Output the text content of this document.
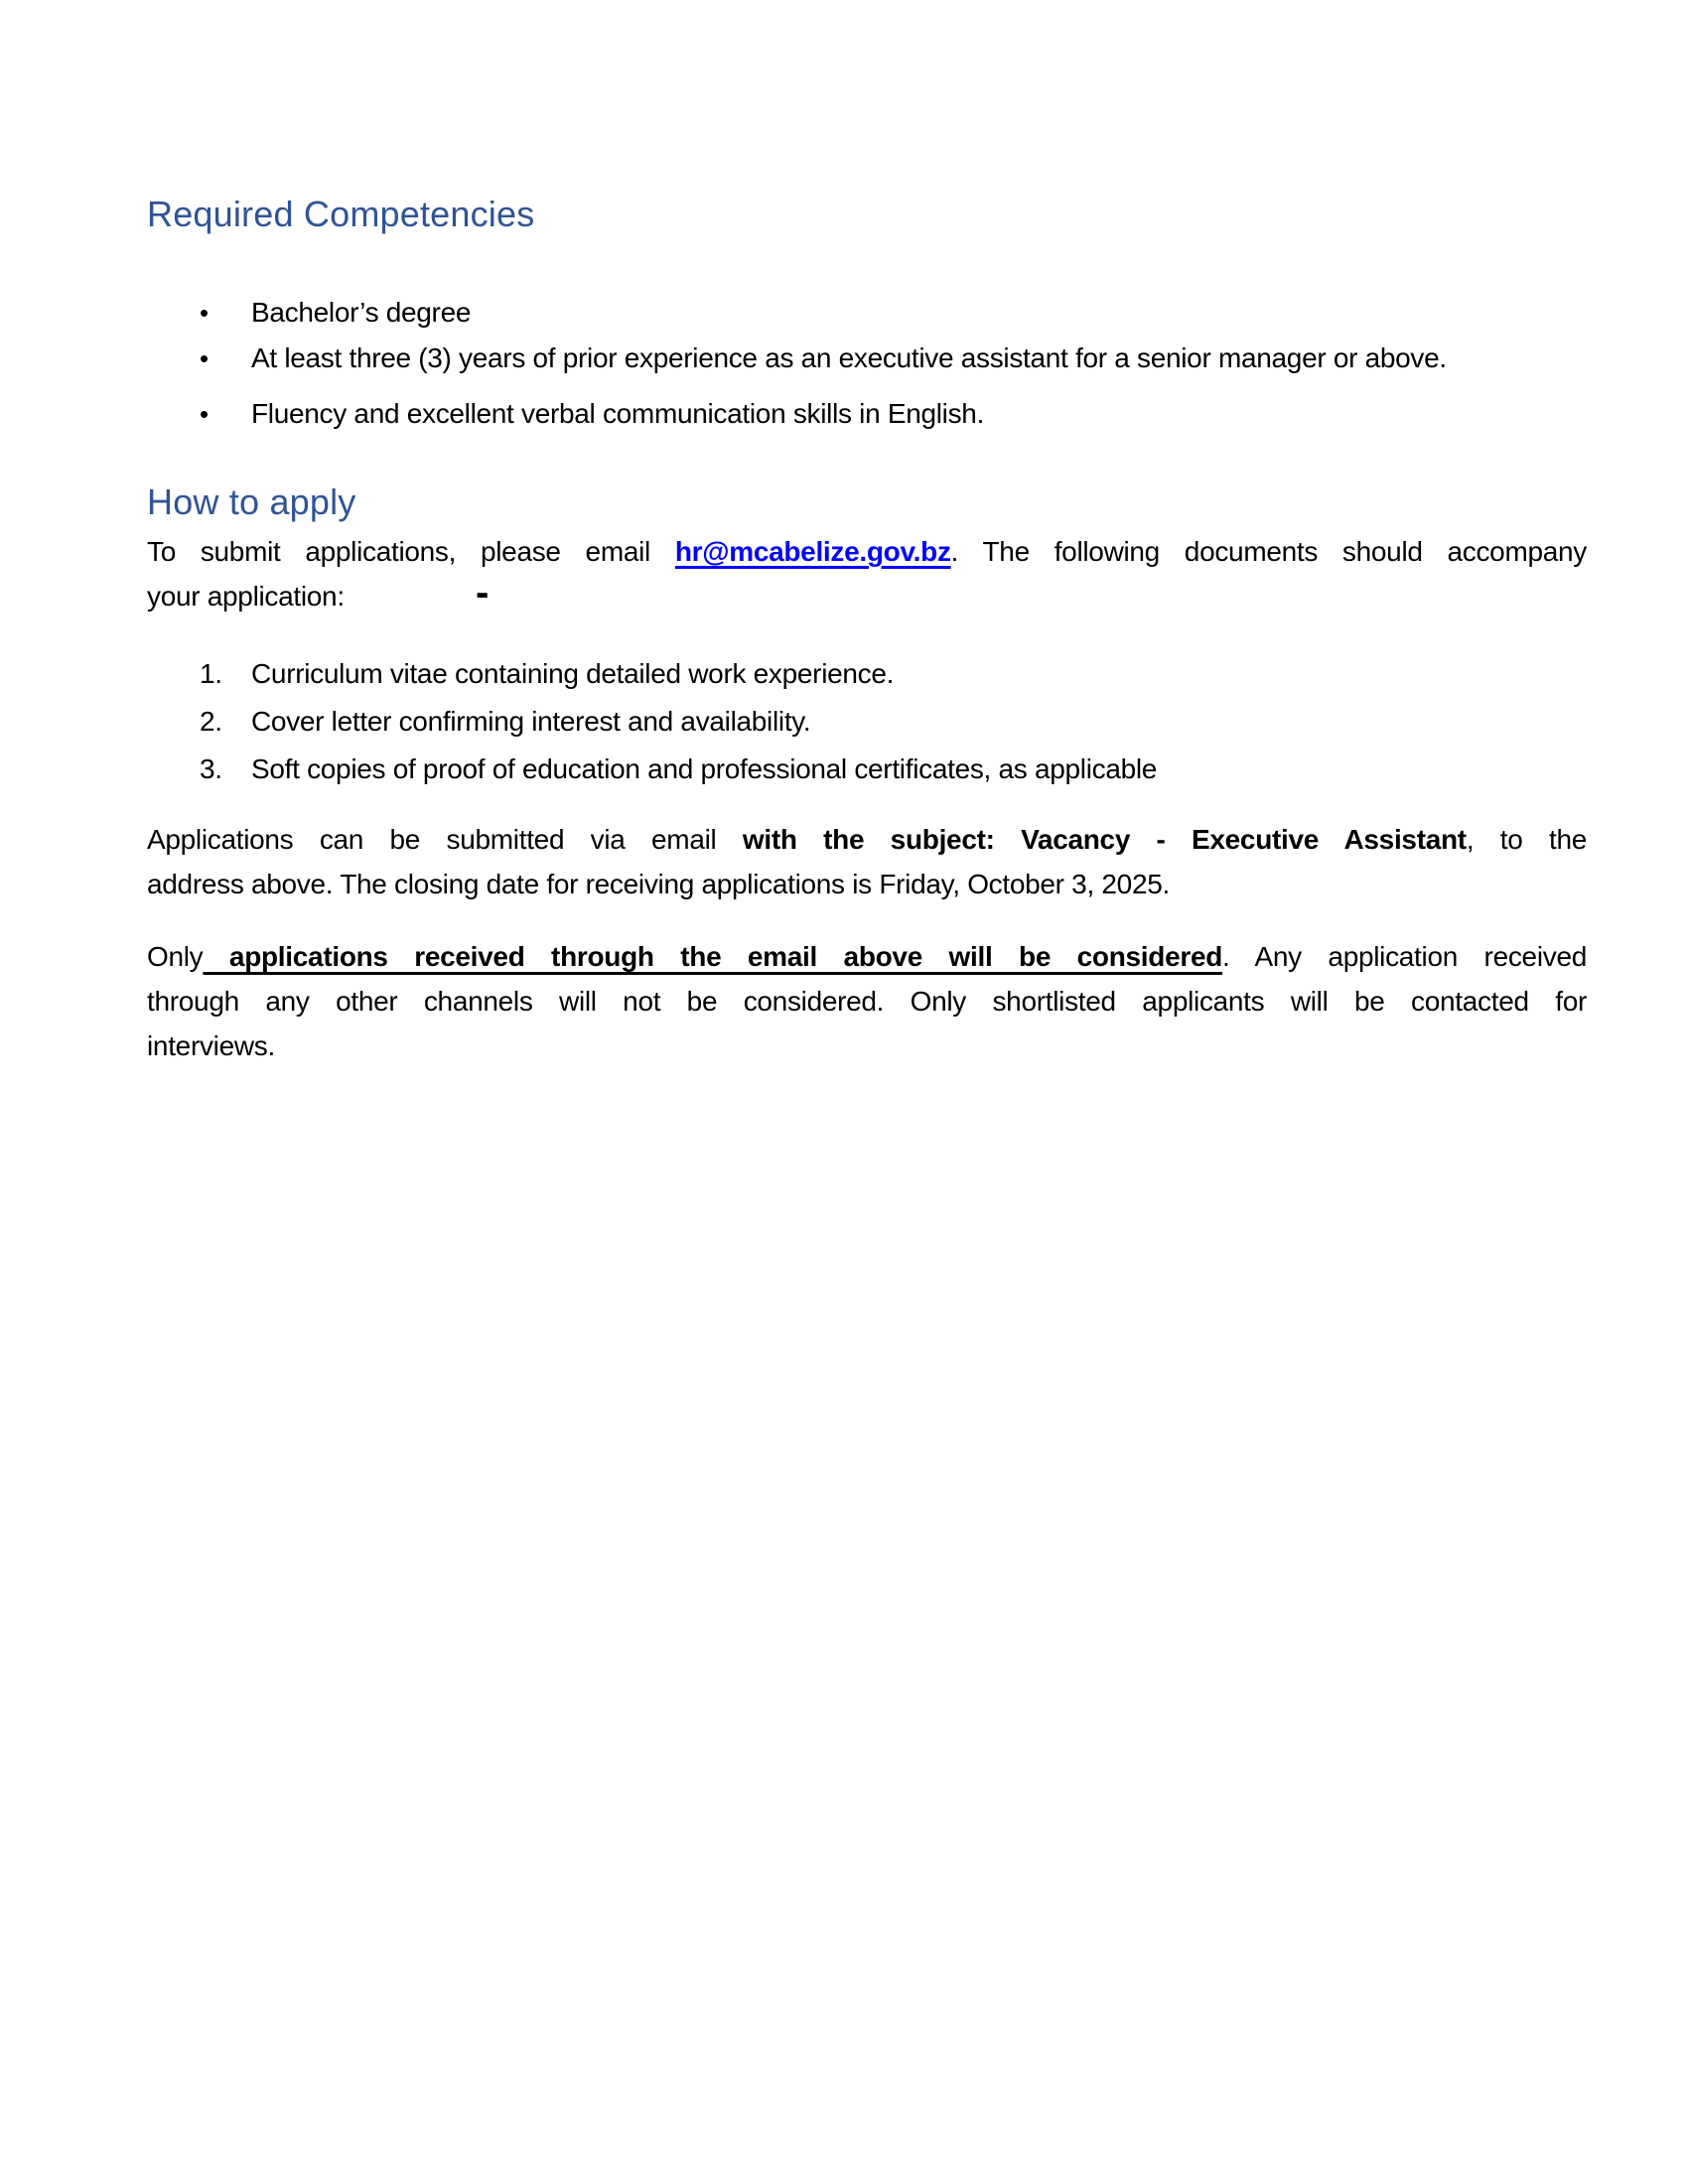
Required Competencies
•	Bachelor’s degree
•	At least three (3) years of prior experience as an executive assistant for a senior manager or above.
•	Fluency and excellent verbal communication skills in English.
How to apply

To submit applications, please email hr@mcabelize.gov.bz. The following documents should accompany
your application:

1.	Curriculum vitae containing detailed work experience.
2.	Cover letter confirming interest and availability.
3.	Soft copies of proof of education and professional certificates, as applicable

Applications can be submitted via email with the subject: Vacancy - Executive Assistant, to the
address above. The closing date for receiving applications is Friday, October 3, 2025.

Only applications received through the email above will be considered. Any application received
through any other channels will not be considered. Only shortlisted applicants will be contacted for
interviews.

-
